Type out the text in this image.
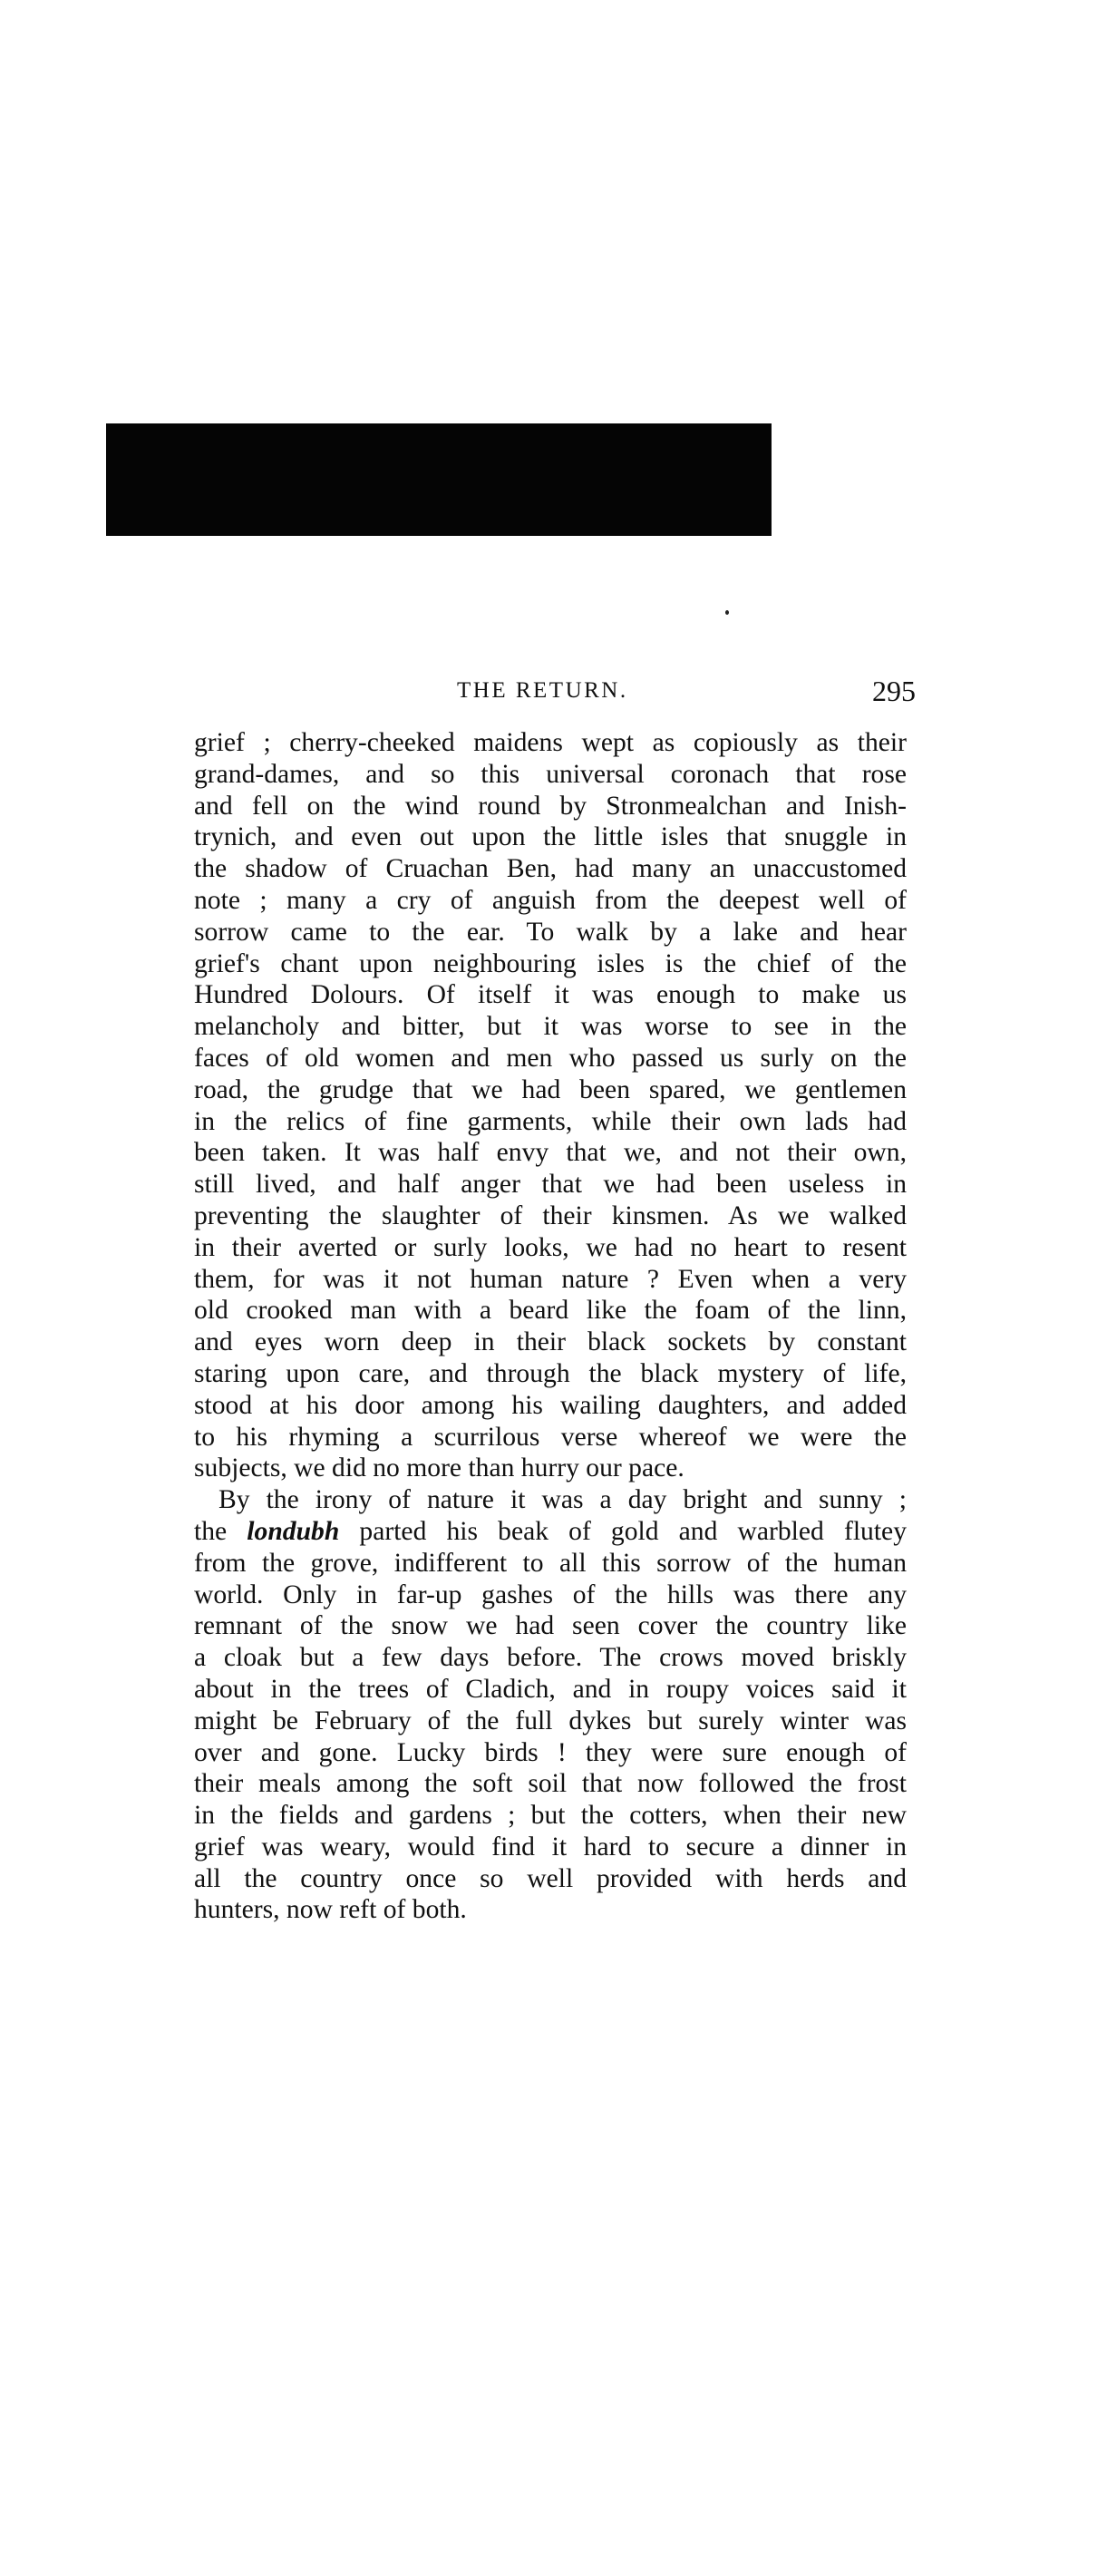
THE RETURN.	295
grief ; cherry-cheeked maidens wept as copiously as their
grand-dames, and so this universal coronach that rose
and fell on the wind round by Stronmealchan and Inish-
trynich, and even out upon the little isles that snuggle in
the shadow of Cruachan Ben, had many an unaccustomed
note ; many a cry of anguish from the deepest well of
sorrow came to the ear. To walk by a lake and hear
grief's chant upon neighbouring isles is the chief of the
Hundred Dolours. Of itself it was enough to make us
melancholy and bitter, but it was worse to see in the
faces of old women and men who passed us surly on the
road, the grudge that we had been spared, we gentlemen
in the relics of fine garments, while their own lads had
been taken. It was half envy that we, and not their own,
still lived, and half anger that we had been useless in
preventing the slaughter of their kinsmen. As we walked
in their averted or surly looks, we had no heart to resent
them, for was it not human nature ? Even when a very
old crooked man with a beard like the foam of the linn,
and eyes worn deep in their black sockets by constant
staring upon care, and through the black mystery of life,
stood at his door among his wailing daughters, and added
to his rhyming a scurrilous verse whereof we were the
subjects, we did no more than hurry our pace.
By the irony of nature it was a day bright and sunny ;
the londubh parted his beak of gold and warbled flutey
from the grove, indifferent to all this sorrow of the human
world. Only in far-up gashes of the hills was there any
remnant of the snow we had seen cover the country like
a cloak but a few days before. The crows moved briskly
about in the trees of Cladich, and in roupy voices said it
might be February of the full dykes but surely winter was
over and gone. Lucky birds ! they were sure enough of
their meals among the soft soil that now followed the frost
in the fields and gardens ; but the cotters, when their new
grief was weary, would find it hard to secure a dinner in
all the country once so well provided with herds and
hunters, now reft of both.
